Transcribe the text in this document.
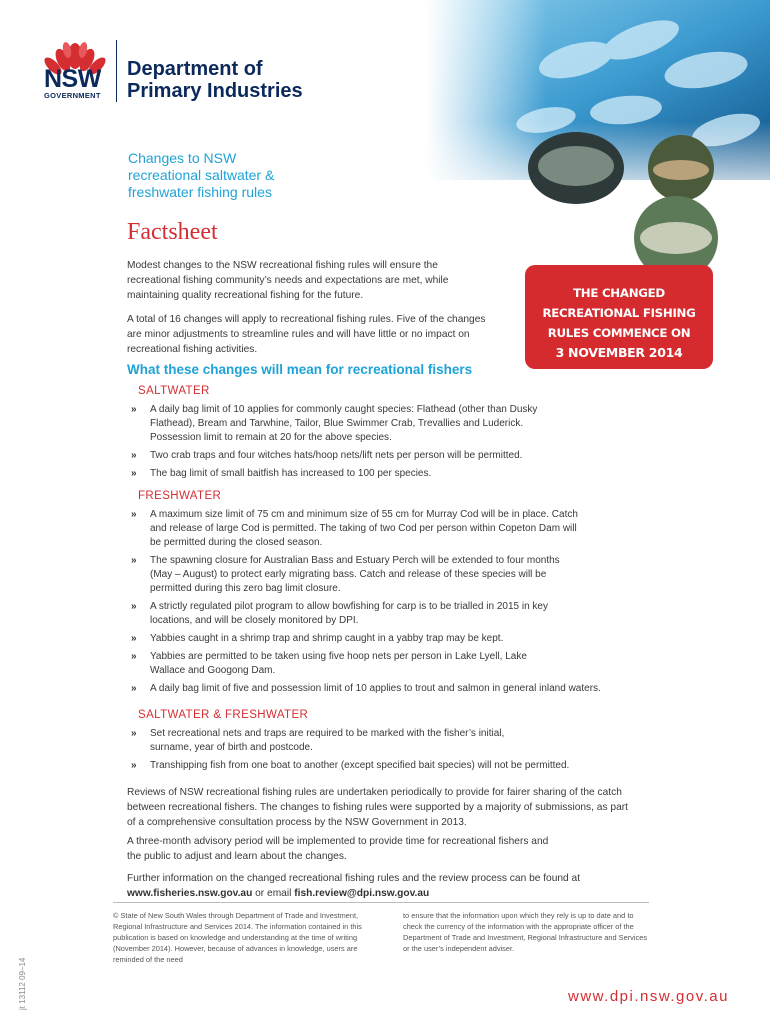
NSW
GOVERNMENT
Department of
Primary Industries
Changes to NSW
recreational saltwater &
freshwater fishing rules
Factsheet

Modest changes to the NSW recreational fishing rules will ensure the recreational fishing community’s needs and expectations are met, while maintaining quality recreational fishing for the future.

A total of 16 changes will apply to recreational fishing rules. Five of the changes are minor adjustments to streamline rules and will have little or no impact on recreational fishing activities.

THE CHANGED
RECREATIONAL FISHING
RULES COMMENCE ON
3 NOVEMBER 2014
What these changes will mean for recreational fishers
SALTWATER
» A daily bag limit of 10 applies for commonly caught species: Flathead (other than Dusky Flathead), Bream and Tarwhine, Tailor, Blue Swimmer Crab, Trevallies and Luderick. Possession limit to remain at 20 for the above species.
» Two crab traps and four witches hats/hoop nets/lift nets per person will be permitted.
» The bag limit of small baitfish has increased to 100 per species.
FRESHWATER
» A maximum size limit of 75 cm and minimum size of 55 cm for Murray Cod will be in place. Catch and release of large Cod is permitted. The taking of two Cod per person within Copeton Dam will be permitted during the closed season.
» The spawning closure for Australian Bass and Estuary Perch will be extended to four months (May – August) to protect early migrating bass. Catch and release of these species will be permitted during this zero bag limit closure.
» A strictly regulated pilot program to allow bowfishing for carp is to be trialled in 2015 in key locations, and will be closely monitored by DPI.
» Yabbies caught in a shrimp trap and shrimp caught in a yabby trap may be kept.
» Yabbies are permitted to be taken using five hoop nets per person in Lake Lyell, Lake Wallace and Googong Dam.
» A daily bag limit of five and possession limit of 10 applies to trout and salmon in general inland waters.
SALTWATER & FRESHWATER
» Set recreational nets and traps are required to be marked with the fisher’s initial, surname, year of birth and postcode.
» Transhipping fish from one boat to another (except specified bait species) will not be permitted.
Reviews of NSW recreational fishing rules are undertaken periodically to provide for fairer sharing of the catch between recreational fishers. The changes to fishing rules were supported by a majority of submissions, as part of a comprehensive consultation process by the NSW Government in 2013.
A three-month advisory period will be implemented to provide time for recreational fishers and the public to adjust and learn about the changes.
Further information on the changed recreational fishing rules and the review process can be found at www.fisheries.nsw.gov.au or email fish.review@dpi.nsw.gov.au
© State of New South Wales through Department of Trade and Investment, Regional Infrastructure and Services 2014. The information contained in this publication is based on knowledge and understanding at the time of writing (November 2014). However, because of advances in knowledge, users are reminded of the need
to ensure that the information upon which they rely is up to date and to check the currency of the information with the appropriate officer of the Department of Trade and Investment, Regional Infrastructure and Services or the user’s independent adviser.
jt 13112 09–14	www.dpi.nsw.gov.au
